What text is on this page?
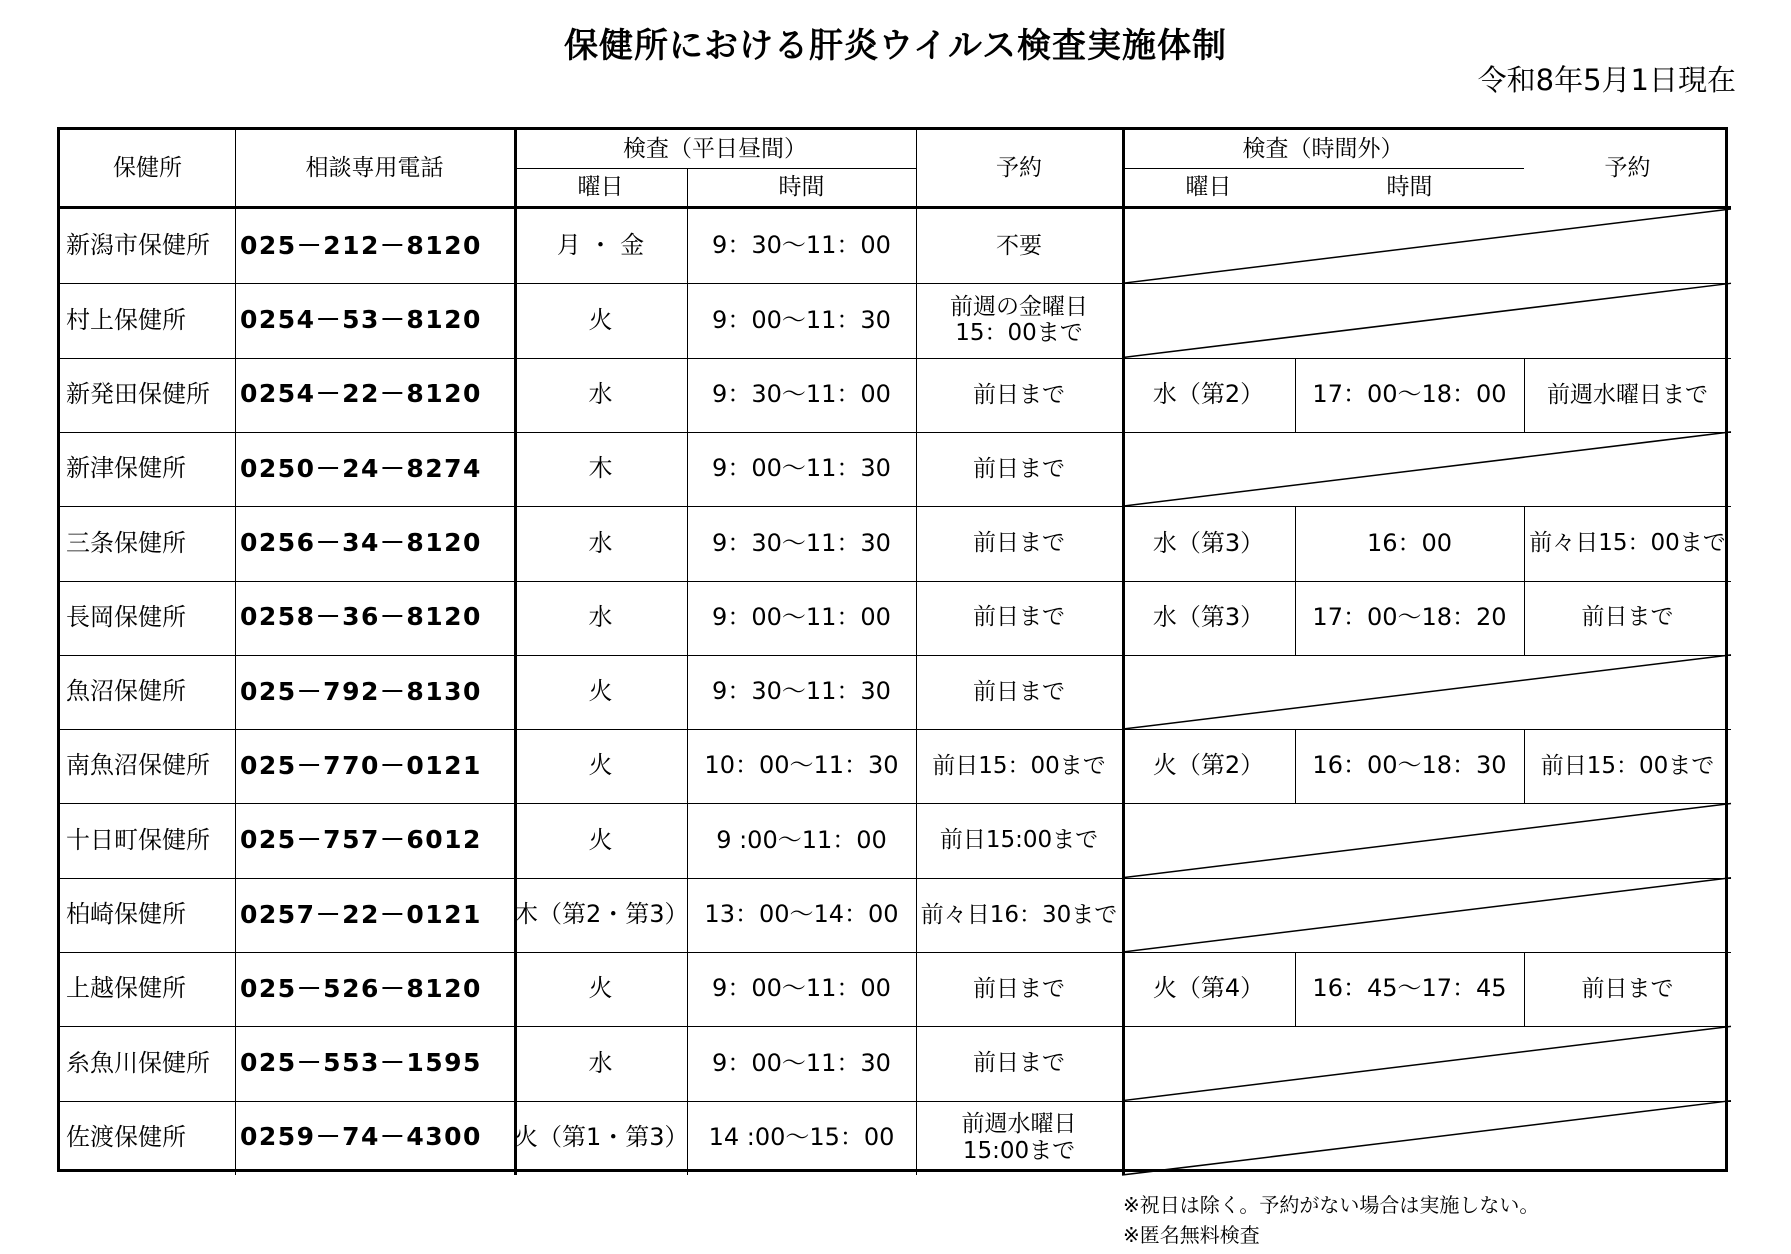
保健所における肝炎ウイルス検査実施体制
令和8年5月1日現在
保健所	相談専用電話
検査（平日昼間）
曜日	時間
予約
検査（時間外）
曜日	時間
予約
新潟市保健所	025－212－8120	月 ・ 金	9：30～11：00	不要
村上保健所	0254－53－8120	火	9：00～11：30	前週の金曜日
15：00まで
新発田保健所	0254－22－8120	水	9：30～11：00	前日まで	水（第2）	17：00～18：00	前週水曜日まで
新津保健所	0250－24－8274	木	9：00～11：30	前日まで
三条保健所	0256－34－8120	水	9：30～11：30	前日まで	水（第3）	16：00	前々日15：00まで
長岡保健所	0258－36－8120	水	9：00～11：00	前日まで	水（第3）	17：00～18：20	前日まで
魚沼保健所	025－792－8130	火	9：30～11：30	前日まで
南魚沼保健所	025－770－0121	火	10：00～11：30	前日15：00まで	火（第2）	16：00～18：30	前日15：00まで
十日町保健所	025－757－6012	火	9 :00～11：00	前日15:00まで
柏崎保健所	0257－22－0121	木（第2・第3） 13：00～14：00 前々日16：30まで
上越保健所	025－526－8120	火	9：00～11：00	前日まで	火（第4）	16：45～17：45	前日まで
糸魚川保健所	025－553－1595	水	9：00～11：30	前日まで
佐渡保健所	0259－74－4300	火（第1・第3） 14 :00～15：00	前週水曜日
15:00まで
※祝日は除く。予約がない場合は実施しない。
※匿名無料検査
